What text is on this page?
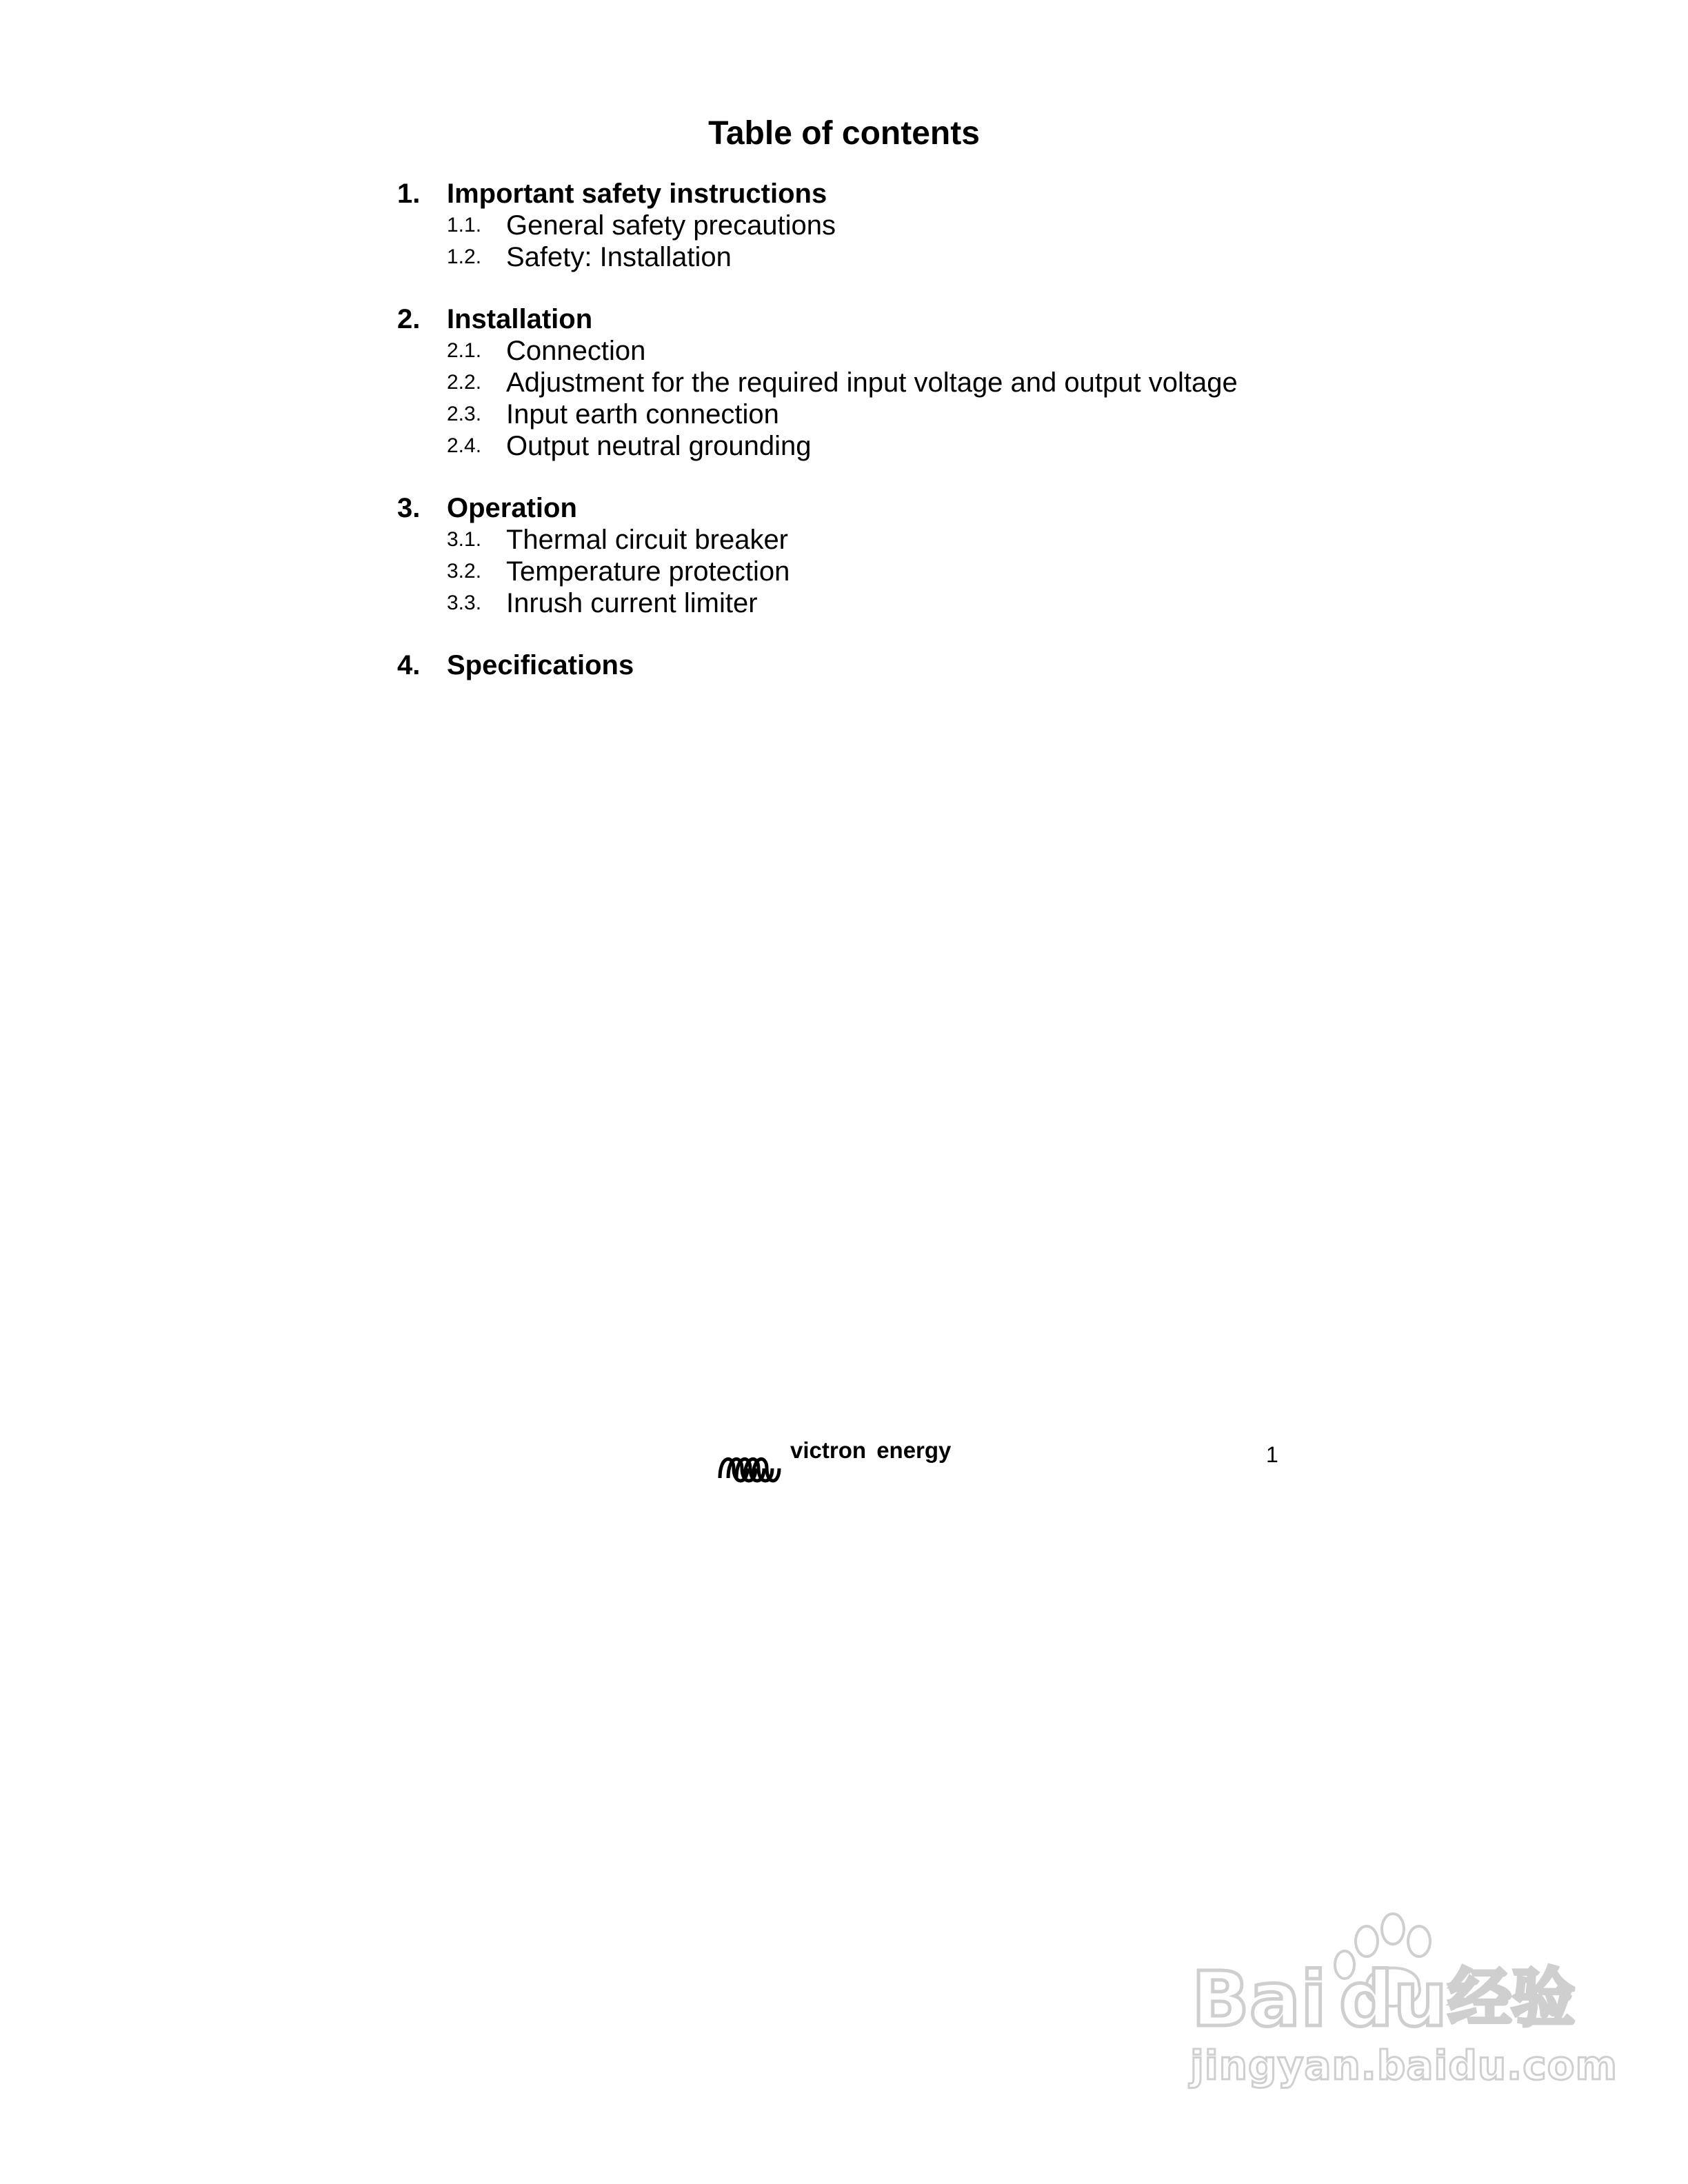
Table of contents
1. Important safety instructions
1.1. General safety precautions
1.2. Safety: Installation
2. Installation
2.1. Connection
2.2. Adjustment for the required input voltage and output voltage
2.3. Input earth connection
2.4. Output neutral grounding
3. Operation
3.1. Thermal circuit breaker
3.2. Temperature protection
3.3. Inrush current limiter
4. Specifications
victron energy	1
Bai du 经验
jingyan.baidu.com
